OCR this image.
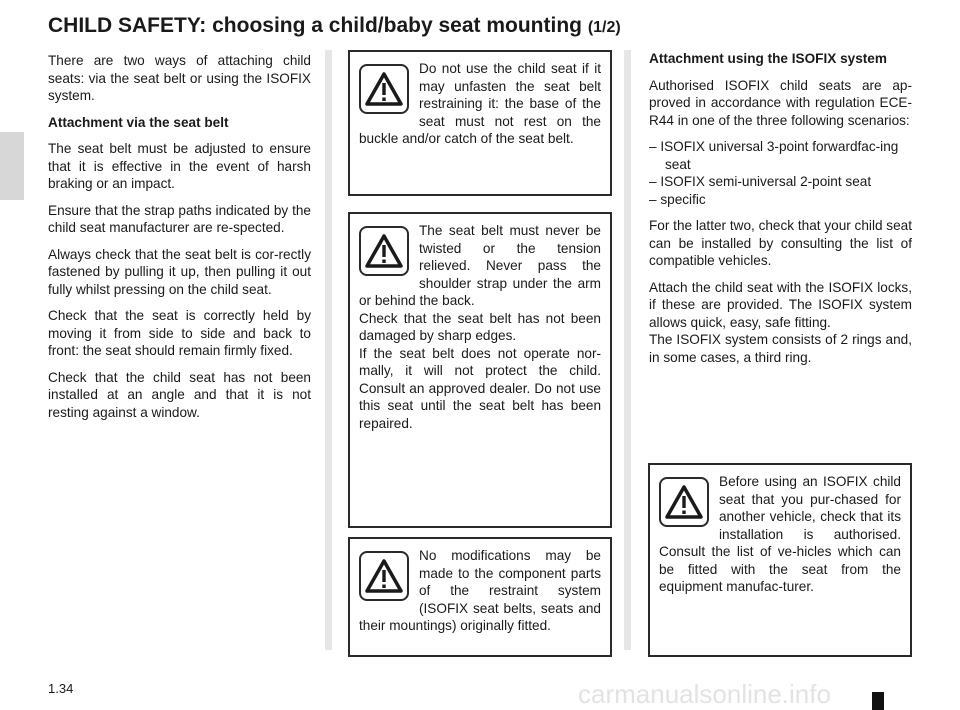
CHILD SAFETY: choosing a child/baby seat mounting (1/2)

There are two ways of attaching child seats: via the seat belt or using the ISOFIX system.

Attachment via the seat belt

The seat belt must be adjusted to ensure that it is effective in the event of harsh braking or an impact.

Ensure that the strap paths indicated by the child seat manufacturer are re-spected.

Always check that the seat belt is cor-rectly fastened by pulling it up, then pulling it out fully whilst pressing on the child seat.

Check that the seat is correctly held by moving it from side to side and back to front: the seat should remain firmly fixed.

Check that the child seat has not been installed at an angle and that it is not resting against a window.

Do not use the child seat if it may unfasten the seat belt restraining it: the base of the seat must not rest on the buckle and/or catch of the seat belt.
The seat belt must never be twisted or the tension relieved. Never pass the shoulder strap under the arm or behind the back.
Check that the seat belt has not been damaged by sharp edges.
If the seat belt does not operate nor-mally, it will not protect the child. Consult an approved dealer. Do not use this seat until the seat belt has been repaired.
No modifications may be made to the component parts of the restraint system (ISOFIX seat belts, seats and their mountings) originally fitted.

Attachment using the ISOFIX system

Authorised ISOFIX child seats are ap-proved in accordance with regulation ECE-R44 in one of the three following scenarios:

– ISOFIX universal 3-point forwardfac-ing seat
– ISOFIX semi-universal 2-point seat
– specific

For the latter two, check that your child seat can be installed by consulting the list of compatible vehicles.

Attach the child seat with the ISOFIX locks, if these are provided. The ISOFIX system allows quick, easy, safe fitting.

The ISOFIX system consists of 2 rings and, in some cases, a third ring.

Before using an ISOFIX child seat that you pur-chased for another vehicle, check that its installation is authorised. Consult the list of ve-hicles which can be fitted with the seat from the equipment manufac-turer.
1.34	carmanualsonline.info
